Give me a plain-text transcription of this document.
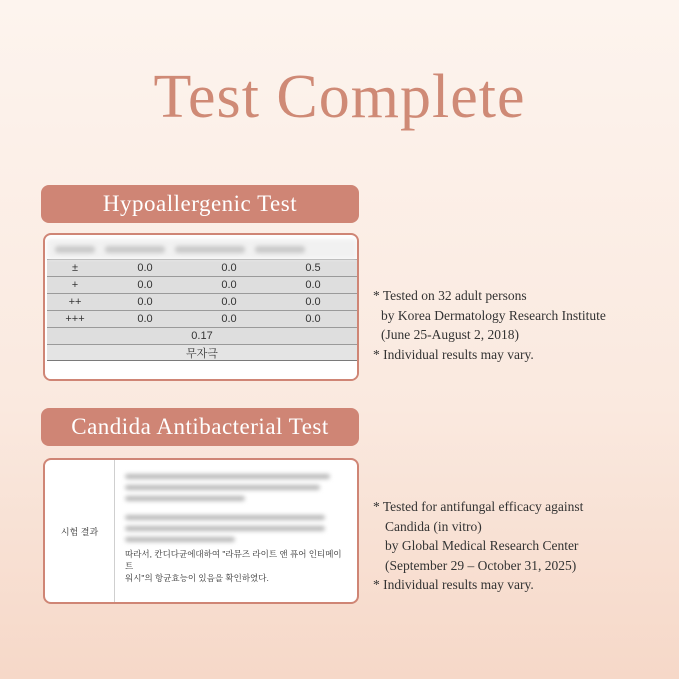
Test Complete
Hypoallergenic Test
±	0.0	0.0	0.5
+	0.0	0.0	0.0
++	0.0	0.0	0.0
+++	0.0	0.0	0.0
0.17
무자극
* Tested on 32 adult persons
by Korea Dermatology Research Institute
(June 25-August 2, 2018)
* Individual results may vary.
Candida Antibacterial Test
시험 결과
따라서, 칸디다균에대하여 "라뮤즈 라이트 앤 퓨어 인티메이트
워시"의 항균효능이 있음을 확인하였다.
* Tested for antifungal efficacy against
Candida (in vitro)
by Global Medical Research Center
(September 29 – October 31, 2025)
* Individual results may vary.
